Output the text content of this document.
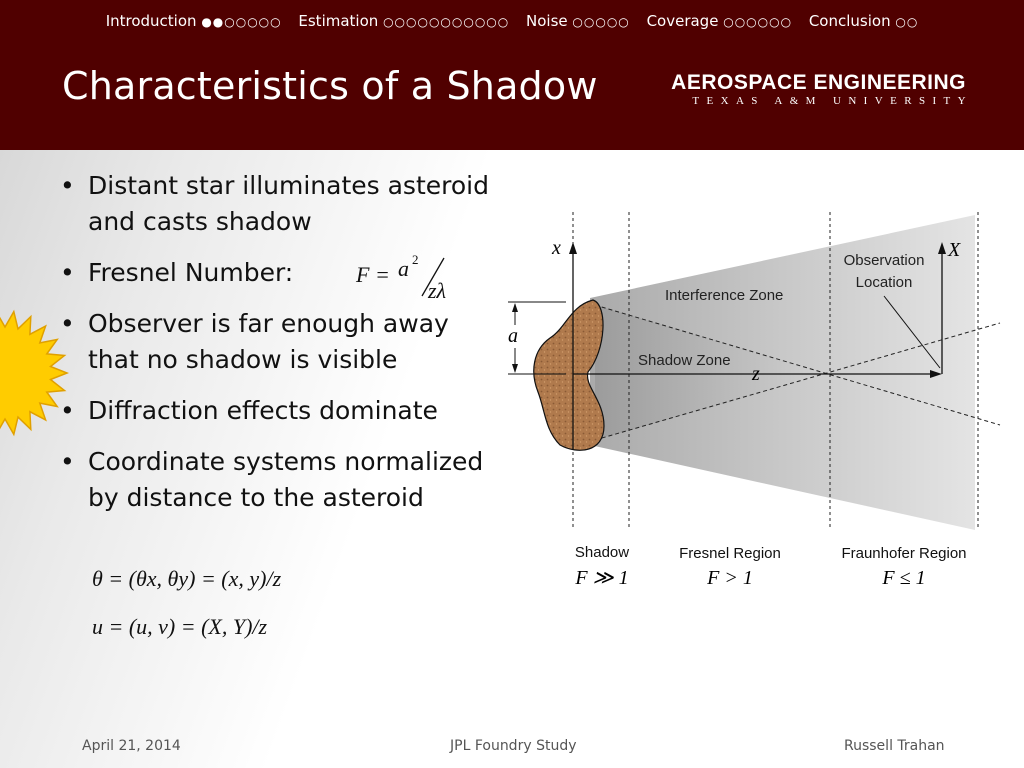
Introduction ●●○○○○○ Estimation ○○○○○○○○○○○ Noise ○○○○○ Coverage ○○○○○○ Conclusion ○○
Characteristics of a Shadow	AEROSPACE ENGINEERING
TEXAS A&M UNIVERSITY
• Distant star illuminates asteroid and casts shadow
• Fresnel Number:
• Observer is far enough away that no shadow is visible
• Diffraction effects dominate
• Coordinate systems normalized by distance to the asteroid
F = a 2
zλ
θ = (θx, θy) = (x, y)/z
u = (u, v) = (X, Y)/z
x
z
X
a
Interference Zone
Shadow Zone
Observation
Location
Shadow
F ≫ 1
Fresnel Region
F > 1
Fraunhofer Region
F ≤ 1
April 21, 2014	JPL Foundry Study	Russell Trahan
